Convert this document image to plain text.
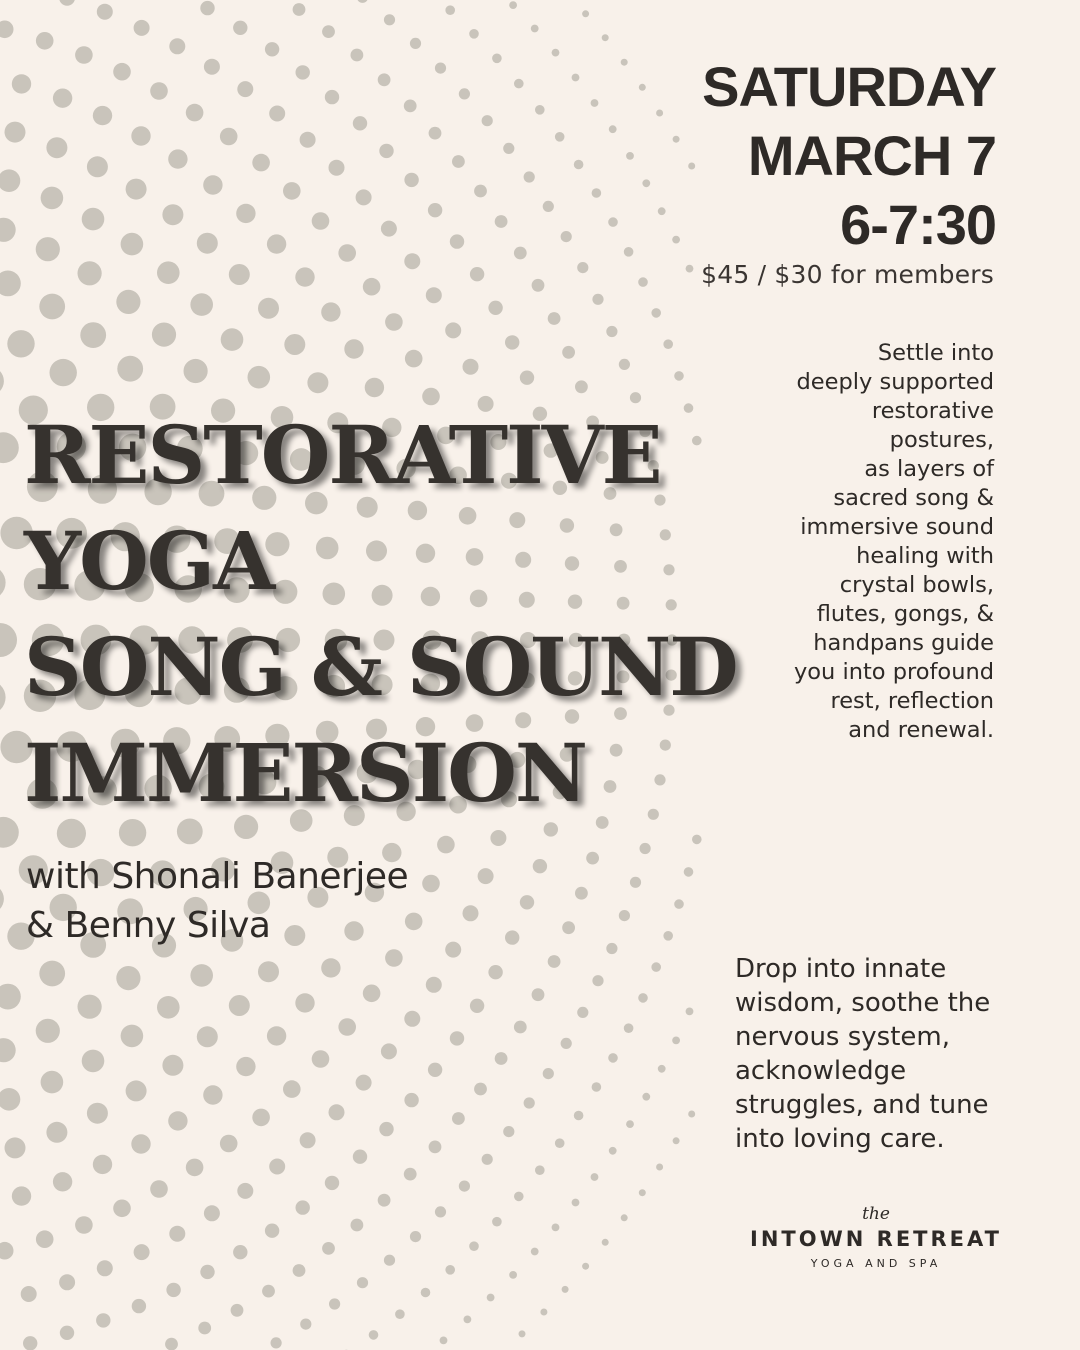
SATURDAY
MARCH 7
6-7:30
$45 / $30 for members
Settle into
deeply supported
restorative
postures,
as layers of
sacred song &
immersive sound
healing with
crystal bowls,
flutes, gongs, &
handpans guide
you into profound
rest, reflection
and renewal.
RESTORATIVE
YOGA
SONG & SOUND
IMMERSION
with Shonali Banerjee
& Benny Silva
Drop into innate
wisdom, soothe the
nervous system,
acknowledge
struggles, and tune
into loving care.
the
INTOWN RETREAT
YOGA AND SPA
